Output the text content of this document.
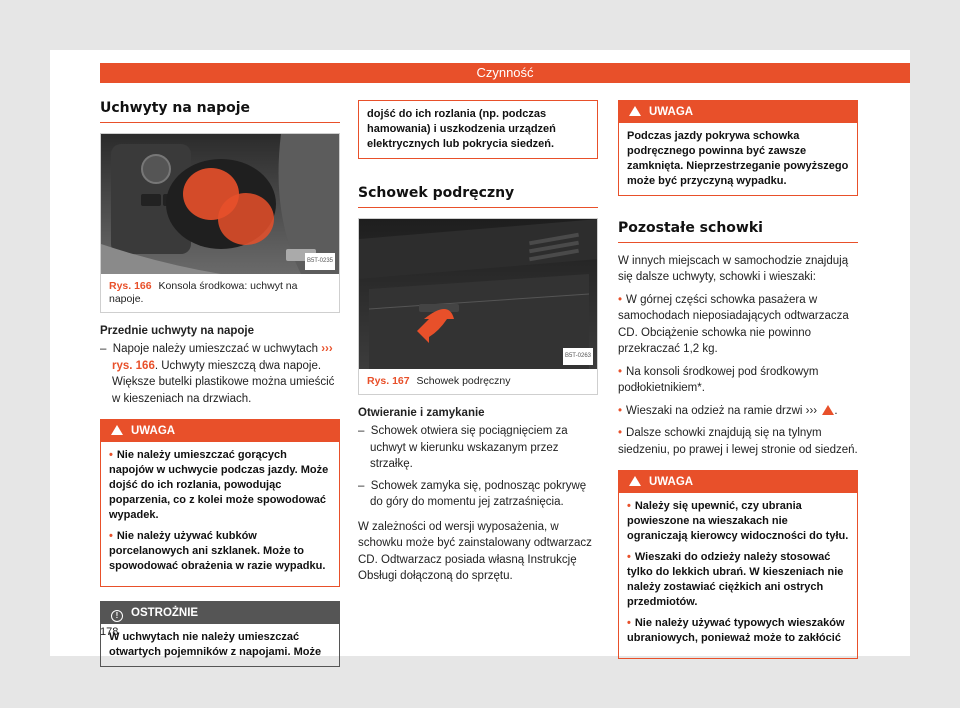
Czynność
Uchwyty na napoje
B5T-0235
Rys. 166 Konsola środkowa: uchwyt na napoje.
Przednie uchwyty na napoje
–  Napoje należy umieszczać w uchwytach ››› rys. 166. Uchwyty mieszczą dwa napoje. Większe butelki plastikowe można umieścić w kieszeniach na drzwiach.
UWAGA
• Nie należy umieszczać gorących napojów w uchwycie podczas jazdy. Może dojść do ich rozlania, powodując poparzenia, co z kolei może spowodować wypadek.
• Nie należy używać kubków porcelanowych ani szklanek. Może to spowodować obrażenia w razie wypadku.
! OSTROŻNIE
W uchwytach nie należy umieszczać otwartych pojemników z napojami. Może
dojść do ich rozlania (np. podczas hamowania) i uszkodzenia urządzeń elektrycznych lub pokrycia siedzeń.
Schowek podręczny
B5T-0263
Rys. 167 Schowek podręczny
Otwieranie i zamykanie
–  Schowek otwiera się pociągnięciem za uchwyt w kierunku wskazanym przez strzałkę.
–  Schowek zamyka się, podnosząc pokrywę do góry do momentu jej zatrzaśnięcia.

W zależności od wersji wyposażenia, w schowku może być zainstalowany odtwarzacz CD. Odtwarzacz posiada własną Instrukcję Obsługi dołączoną do sprzętu.

UWAGA
Podczas jazdy pokrywa schowka podręcznego powinna być zawsze zamknięta. Nieprzestrzeganie powyższego może być przyczyną wypadku.
Pozostałe schowki

W innych miejscach w samochodzie znajdują się dalsze uchwyty, schowki i wieszaki:

• W górnej części schowka pasażera w samochodach nieposiadających odtwarzacza CD. Obciążenie schowka nie powinno przekraczać 1,2 kg.
• Na konsoli środkowej pod środkowym podłokietnikiem*.
• Wieszaki na odzież na ramie drzwi ››› .
• Dalsze schowki znajdują się na tylnym siedzeniu, po prawej i lewej stronie od siedzeń.
UWAGA
• Należy się upewnić, czy ubrania powieszone na wieszakach nie ograniczają kierowcy widoczności do tyłu.
• Wieszaki do odzieży należy stosować tylko do lekkich ubrań. W kieszeniach nie należy zostawiać ciężkich ani ostrych przedmiotów.
• Nie należy używać typowych wieszaków ubraniowych, ponieważ może to zakłócić
178
